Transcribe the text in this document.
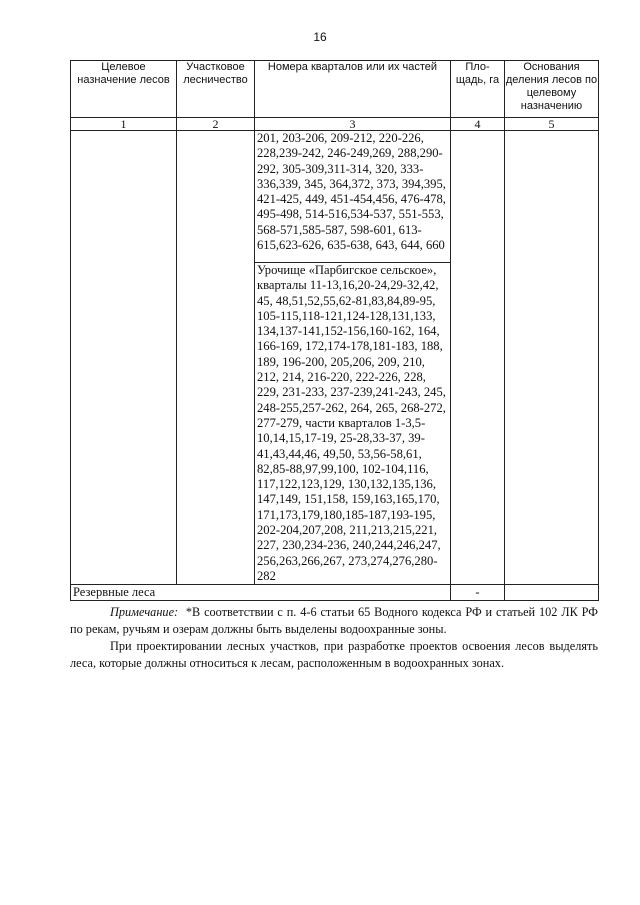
16
Целевое назначение лесов	Участковое лесничество	Номера кварталов или их частей	Пло-щадь, га	Основания деления лесов по целевому назначению
1	2	3	4	5
		201, 203-206, 209-212, 220-226, 228,239-242, 246-249,269, 288,290-292, 305-309,311-314, 320, 333-336,339, 345, 364,372, 373, 394,395, 421-425, 449, 451-454,456, 476-478, 495-498, 514-516,534-537, 551-553, 568-571,585-587, 598-601, 613-615,623-626, 635-638, 643, 644, 660		
		Урочище «Парбигское сельское», кварталы 11-13,16,20-24,29-32,42, 45, 48,51,52,55,62-81,83,84,89-95, 105-115,118-121,124-128,131,133, 134,137-141,152-156,160-162, 164, 166-169, 172,174-178,181-183, 188, 189, 196-200, 205,206, 209, 210, 212, 214, 216-220, 222-226, 228, 229, 231-233, 237-239,241-243, 245, 248-255,257-262, 264, 265, 268-272, 277-279, части кварталов 1-3,5-10,14,15,17-19, 25-28,33-37, 39-41,43,44,46, 49,50, 53,56-58,61, 82,85-88,97,99,100, 102-104,116, 117,122,123,129, 130,132,135,136, 147,149, 151,158, 159,163,165,170, 171,173,179,180,185-187,193-195, 202-204,207,208, 211,213,215,221, 227, 230,234-236, 240,244,246,247, 256,263,266,267, 273,274,276,280-282		
Резервные леса			-	

Примечание: *В соответствии с п. 4-6 статьи 65 Водного кодекса РФ и статьей 102 ЛК РФ по рекам, ручьям и озерам должны быть выделены водоохранные зоны.

При проектировании лесных участков, при разработке проектов освоения лесов выделять леса, которые должны относиться к лесам, расположенным в водоохранных зонах.
